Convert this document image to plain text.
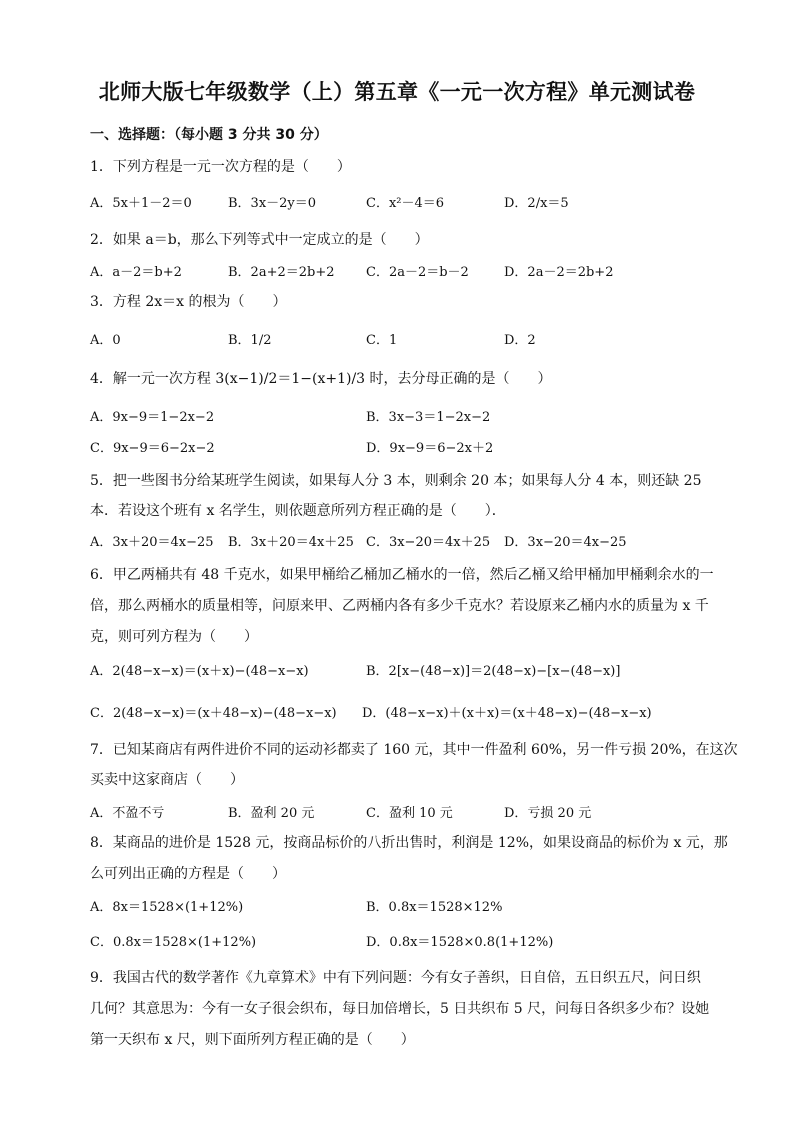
北师大版七年级数学（上）第五章《一元一次方程》单元测试卷
一、选择题：（每小题 3 分共 30 分）
1．下列方程是一元一次方程的是（　　）
A．5x＋1－2＝0	B．3x－2y＝0	C．x²－4＝6	D．2/x＝5
2．如果 a＝b，那么下列等式中一定成立的是（　　）
A．a－2＝b+2	B．2a+2＝2b+2 C．2a－2＝b－2	D．2a－2＝2b+2
3．方程 2x＝x 的根为（　　）
A．0	B．1/2	C．1	D．2
4．解一元一次方程 3(x−1)/2＝1−(x+1)/3 时，去分母正确的是（　　）
A．9x−9＝1−2x−2	B．3x−3＝1−2x−2
C．9x−9＝6−2x−2	D．9x−9＝6−2x＋2
5．把一些图书分给某班学生阅读，如果每人分 3 本，则剩余 20 本；如果每人分 4 本，则还缺 25
本．若设这个班有 x 名学生，则依题意所列方程正确的是（　　）．
A．3x＋20＝4x−25 B．3x＋20＝4x＋25 C．3x−20＝4x＋25 D．3x−20＝4x−25
6．甲乙两桶共有 48 千克水，如果甲桶给乙桶加乙桶水的一倍，然后乙桶又给甲桶加甲桶剩余水的一
倍，那么两桶水的质量相等，问原来甲、乙两桶内各有多少千克水？若设原来乙桶内水的质量为 x 千
克，则可列方程为（　　）
A．2(48−x−x)＝(x＋x)−(48−x−x)	B．2[x−(48−x)]＝2(48−x)−[x−(48−x)]
C．2(48−x−x)＝(x＋48−x)−(48−x−x) D．(48−x−x)＋(x＋x)＝(x＋48−x)−(48−x−x)
7．已知某商店有两件进价不同的运动衫都卖了 160 元，其中一件盈利 60%，另一件亏损 20%，在这次
买卖中这家商店（　　）
A．不盈不亏	B．盈利 20 元	C．盈利 10 元	D．亏损 20 元
8．某商品的进价是 1528 元，按商品标价的八折出售时，利润是 12%，如果设商品的标价为 x 元，那
么可列出正确的方程是（　　）
A．8x＝1528×(1+12%)	B．0.8x＝1528×12%
C．0.8x＝1528×(1+12%)	D．0.8x＝1528×0.8(1+12%)
9．我国古代的数学著作《九章算术》中有下列问题：今有女子善织，日自倍，五日织五尺，问日织
几何？其意思为：今有一女子很会织布，每日加倍增长，5 日共织布 5 尺，问每日各织多少布？设她
第一天织布 x 尺，则下面所列方程正确的是（　　）
